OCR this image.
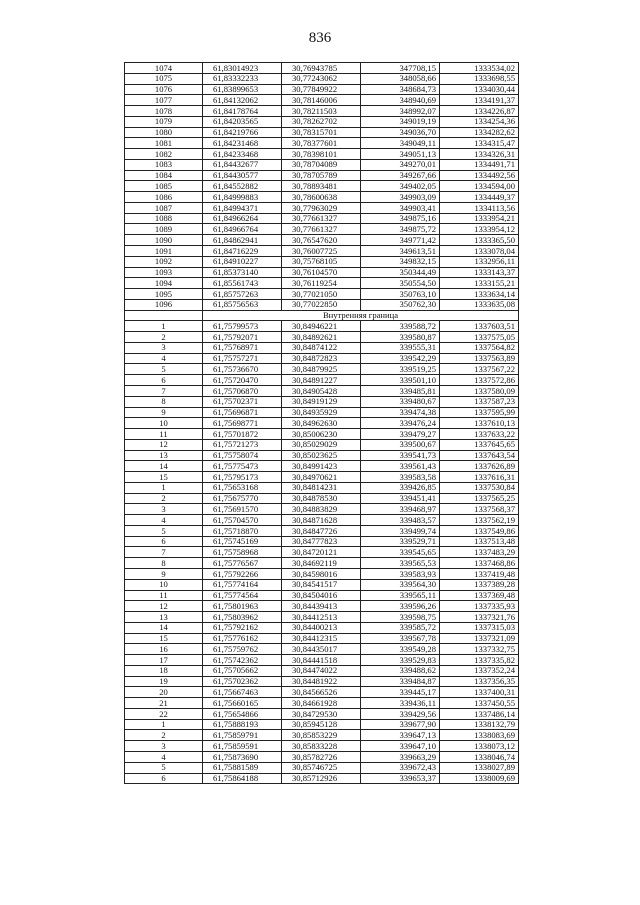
836
1074	61,83014923	30,76943785	347708,15	1333534,02
1075	61,83332233	30,77243062	348058,66	1333698,55
1076	61,83899653	30,77849922	348684,73	1334030,44
1077	61,84132062	30,78146006	348940,69	1334191,37
1078	61,84178764	30,78211503	348992,07	1334226,87
1079	61,84203565	30,78262702	349019,19	1334254,36
1080	61,84219766	30,78315701	349036,70	1334282,62
1081	61,84231468	30,78377601	349049,11	1334315,47
1082	61,84233468	30,78398101	349051,13	1334326,31
1083	61,84432677	30,78704089	349270,01	1334491,71
1084	61,84430577	30,78705789	349267,66	1334492,56
1085	61,84552882	30,78893481	349402,05	1334594,00
1086	61,84999883	30,78600638	349903,09	1334449,37
1087	61,84994371	30,77963029	349903,41	1334113,56
1088	61,84966264	30,77661327	349875,16	1333954,21
1089	61,84966764	30,77661327	349875,72	1333954,12
1090	61,84862941	30,76547620	349771,42	1333365,50
1091	61,84716229	30,76007725	349613,51	1333078,04
1092	61,84910227	30,75768105	349832,15	1332956,11
1093	61,85373140	30,76104570	350344,49	1333143,37
1094	61,85561743	30,76119254	350554,50	1333155,21
1095	61,85757263	30,77021050	350763,10	1333634,14
1096	61,85756563	30,77022850	350762,30	1333635,08
	Внутренняя граница			
1	61,75799573	30,84946221	339588,72	1337603,51
2	61,75792071	30,84892621	339580,87	1337575,05
3	61,75768971	30,84874122	339555,31	1337564,82
4	61,75757271	30,84872823	339542,29	1337563,89
5	61,75736670	30,84879925	339519,25	1337567,22
6	61,75720470	30,84891227	339501,10	1337572,86
7	61,75706870	30,84905428	339485,81	1337580,09
8	61,75702371	30,84919129	339480,67	1337587,23
9	61,75696871	30,84935929	339474,38	1337595,99
10	61,75698771	30,84962630	339476,24	1337610,13
11	61,75701872	30,85006230	339479,27	1337633,22
12	61,75721273	30,85029029	339500,67	1337645,65
13	61,75758074	30,85023625	339541,73	1337643,54
14	61,75775473	30,84991423	339561,43	1337626,89
15	61,75795173	30,84970621	339583,58	1337616,31
1	61,75653168	30,84814231	339426,85	1337530,84
2	61,75675770	30,84878530	339451,41	1337565,25
3	61,75691570	30,84883829	339468,97	1337568,37
4	61,75704570	30,84871628	339483,57	1337562,19
5	61,75718870	30,84847726	339499,74	1337549,86
6	61,75745169	30,84777823	339529,71	1337513,48
7	61,75758968	30,84720121	339545,65	1337483,29
8	61,75776567	30,84692119	339565,53	1337468,86
9	61,75792266	30,84598016	339583,93	1337419,48
10	61,75774164	30,84541517	339564,30	1337389,28
11	61,75774564	30,84504016	339565,11	1337369,48
12	61,75801963	30,84439413	339596,26	1337335,93
13	61,75803962	30,84412513	339598,75	1337321,76
14	61,75792162	30,84400213	339585,72	1337315,03
15	61,75776162	30,84412315	339567,78	1337321,09
16	61,75759762	30,84435017	339549,28	1337332,75
17	61,75742362	30,84441518	339529,83	1337335,82
18	61,75705662	30,84474022	339488,62	1337352,24
19	61,75702362	30,84481922	339484,87	1337356,35
20	61,75667463	30,84566526	339445,17	1337400,31
21	61,75660165	30,84661928	339436,11	1337450,55
22	61,75654866	30,84729530	339429,56	1337486,14
1	61,75888193	30,85945128	339677,90	1338132,79
2	61,75859791	30,85853229	339647,13	1338083,69
3	61,75859591	30,85833228	339647,10	1338073,12
4	61,75873690	30,85782726	339663,29	1338046,74
5	61,75881589	30,85746725	339672,43	1338027,89
6	61,75864188	30,85712926	339653,37	1338009,69
